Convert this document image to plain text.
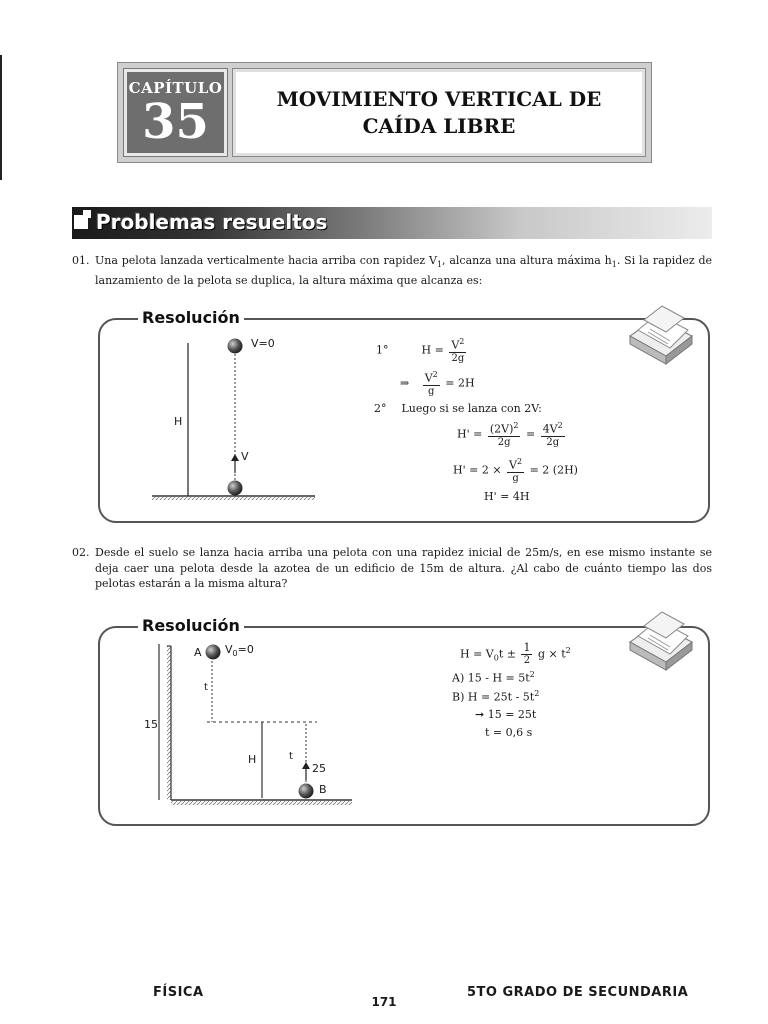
CAPÍTULO
35	MOVIMIENTO VERTICAL DE CAÍDA LIBRE
Problemas resueltos
01. Una pelota lanzada verticalmente hacia arriba con rapidez $V_1$, alcanza una altura máxima $h_1$. Si la rapidez de lanzamiento de la pelota se duplica, la altura máxima que alcanza es:
Resolución
V=0
H
V
1°	$H = \frac{V^2}{2g}$
⇒ $\frac{V^2}{g} = 2H$
2° Luego si se lanza con 2V:
$H' = \frac{(2V)^2}{2g} = \frac{4V^2}{2g}$
$H' = 2 \times \frac{V^2}{g} = 2$ (2H)
H' = 4H
02. Desde el suelo se lanza hacia arriba una pelota con una rapidez inicial de 25m/s, en ese mismo instante se deja caer una pelota desde la azotea de un edificio de 15m de altura. ¿Al cabo de cuánto tiempo las dos pelotas estarán a la misma altura?
Resolución
A $V_0=0$
t
15
H	t
25
B
$H = V_0t \pm \frac{1}{2}$ $g \times t^2$
A) $15 - H = 5t^2$
B) $H = 25t - 5t^2$
➞ 15 = 25t
t = 0,6 s
FÍSICA	5TO GRADO DE SECUNDARIA
171
